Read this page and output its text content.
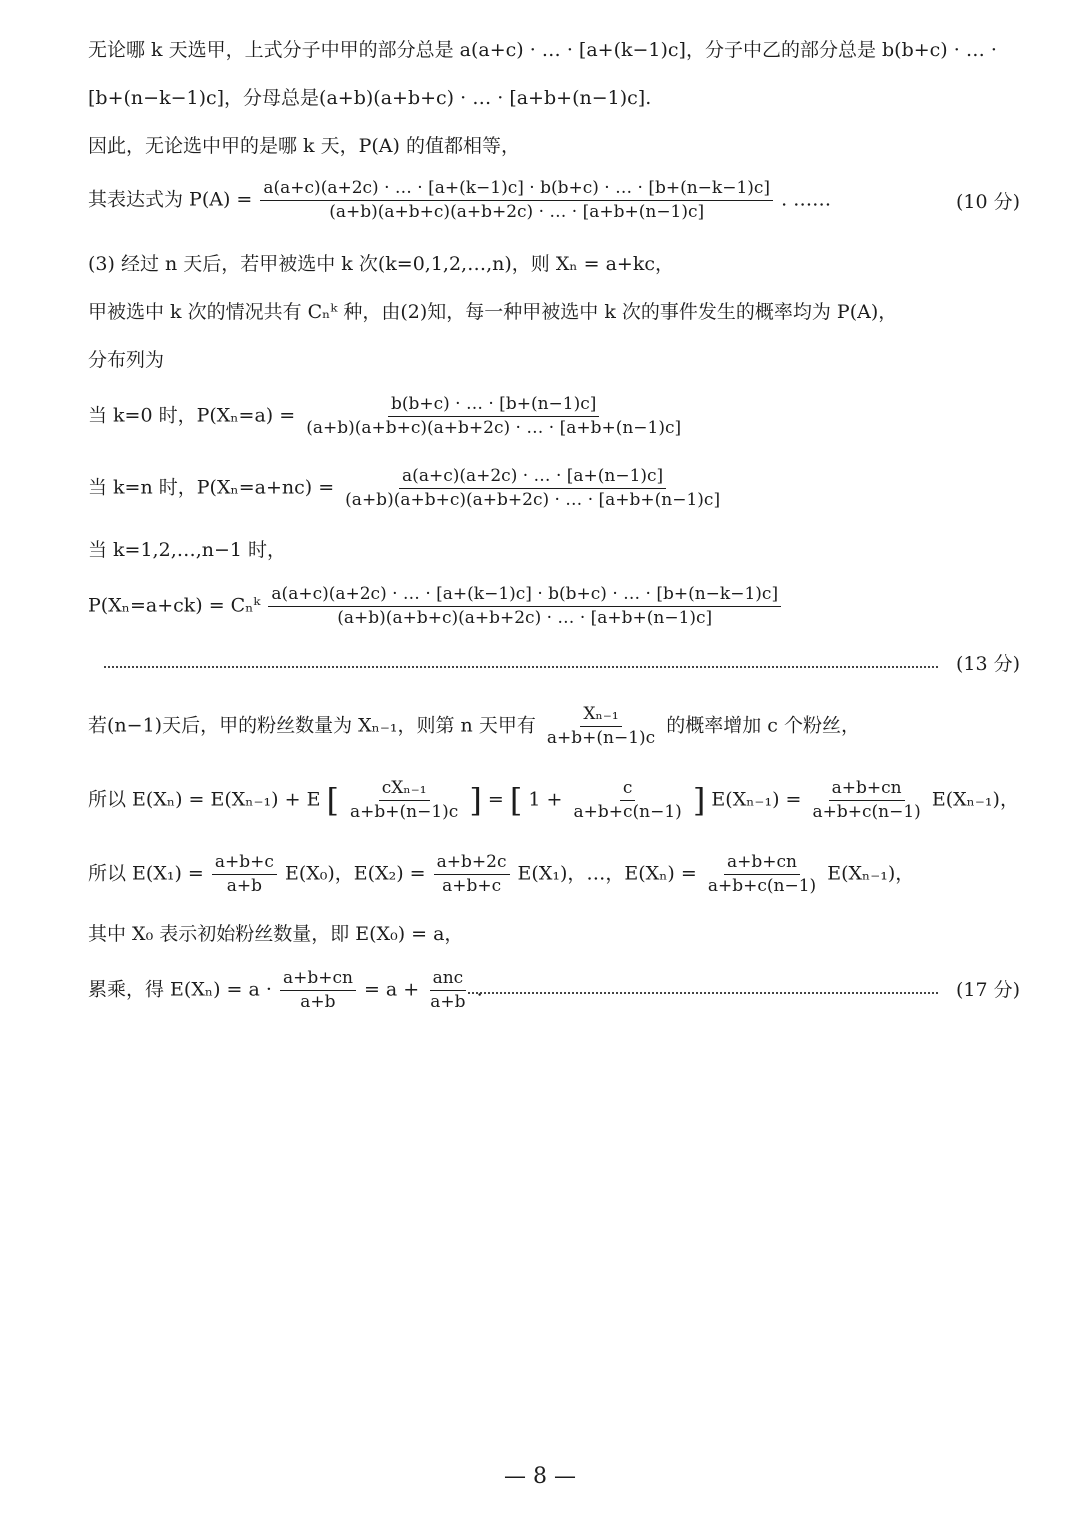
无论哪 k 天选甲，上式分子中甲的部分总是 a(a+c) · … · [a+(k−1)c]，分子中乙的部分总是 b(b+c) · … ·
[b+(n−k−1)c]，分母总是(a+b)(a+b+c) · … · [a+b+(n−1)c].
因此，无论选中甲的是哪 k 天，P(A) 的值都相等，
其表达式为 $P(A) = \frac{a(a+c)(a+2c) \cdot \dots \cdot [a+(k-1)c] \cdot b(b+c) \cdot \dots \cdot [b+(n-k-1)c]}{(a+b)(a+b+c)(a+b+2c) \cdot \dots \cdot [a+b+(n-1)c]}$ . ……	(10 分)
(3) 经过 n 天后，若甲被选中 k 次(k=0,1,2,…,n)，则 Xₙ = a+kc，
甲被选中 k 次的情况共有 Cₙᵏ 种，由(2)知，每一种甲被选中 k 次的事件发生的概率均为 P(A)，
分布列为
当 k=0 时，$P(X_n=a) = \frac{b(b+c) \cdot \dots \cdot [b+(n-1)c]}{(a+b)(a+b+c)(a+b+2c) \cdot \dots \cdot [a+b+(n-1)c]}$
当 k=n 时，$P(X_n=a+nc) = \frac{a(a+c)(a+2c) \cdot \dots \cdot [a+(n-1)c]}{(a+b)(a+b+c)(a+b+2c) \cdot \dots \cdot [a+b+(n-1)c]}$
当 k=1,2,…,n−1 时，
P(Xₙ=a+ck) = Cₙᵏ $\frac{a(a+c)(a+2c) \cdot \dots \cdot [a+(k-1)c] \cdot b(b+c) \cdot \dots \cdot [b+(n-k-1)c]}{(a+b)(a+b+c)(a+b+2c) \cdot \dots \cdot [a+b+(n-1)c]}$
(13 分)
若(n−1)天后，甲的粉丝数量为 Xₙ₋₁，则第 n 天甲有 $\frac{\text{Xₙ₋₁}}{a+b+(n-1)c}$ 的概率增加 c 个粉丝，
所以 E(Xₙ) = E(Xₙ₋₁) + E [ $\frac{\text{cXₙ₋₁}}{a+b+(n-1)c}$ ] = [ $1 + \frac{c}{a+b+c(n-1)}$ ] $E(X_{n-1}) = \frac{a+b+cn}{a+b+c(n-1)} E(X_{n-1})$，
所以 $E(X_1) = \frac{a+b+c}{a+b} E(X_0)$，$E(X_2) = \frac{a+b+2c}{a+b+c} E(X_1)$，…，$E(X_n) = \frac{a+b+cn}{a+b+c(n-1)} E(X_{n-1})$，
其中 X₀ 表示初始粉丝数量，即 E(X₀) = a，
累乘，得 $E(X_n) = a \cdot \frac{a+b+cn}{a+b} = a + \frac{\text{anc}}{a+b}$ .	(17 分)
— 8 —
